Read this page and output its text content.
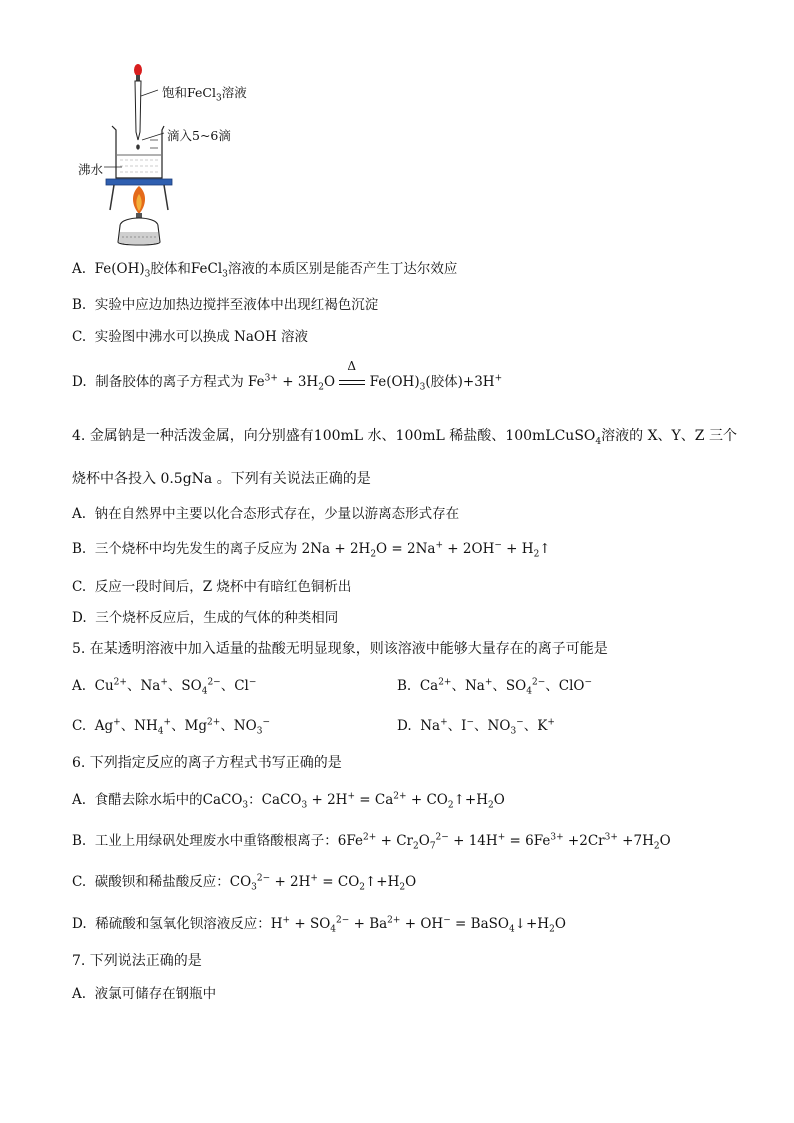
饱和FeCl$_3$溶液
滴入5~6滴
沸水
A. $Fe(OH)_3$胶体和FeCl$_3$溶液的本质区别是能否产生丁达尔效应
B. 实验中应边加热边搅拌至液体中出现红褐色沉淀
C. 实验图中沸水可以换成 NaOH 溶液
D. 制备胶体的离子方程式为 $Fe^{3+} + 3H_2O$
Δ
$Fe(OH)_3$(胶体)+3H+
4. 金属钠是一种活泼金属，向分别盛有100mL 水、100mL 稀盐酸、100mLCuSO$_4$溶液的 X、Y、Z 三个
烧杯中各投入 0.5gNa 。下列有关说法正确的是
A. 钠在自然界中主要以化合态形式存在，少量以游离态形式存在
B. 三个烧杯中均先发生的离子反应为 $2Na + 2H_2O = 2Na^+ + 2OH^-$ + $H_2↑$
C. 反应一段时间后，Z 烧杯中有暗红色铜析出
D. 三个烧杯反应后，生成的气体的种类相同
5. 在某透明溶液中加入适量的盐酸无明显现象，则该溶液中能够大量存在的离子可能是
A. $Cu^{2+}$、Na+、$SO_4^{2-}$、Cl−	B. $Ca^{2+}$、Na+、$SO_4^{2-}$、ClO−
C. Ag+、$NH_4^+$、$Mg^{2+}$、$NO_3^-$	D. Na+、I−、$NO_3^-$、K+
6. 下列指定反应的离子方程式书写正确的是
A. 食醋去除水垢中的CaCO$_3$：CaCO$_3$ + $2H^+ = Ca^{2+}$ + $CO_2↑+H_2O$
B. 工业上用绿矾处理废水中重铬酸根离子：$6Fe^{2+} + Cr_2O_7^{2-} + 14H^+ = 6Fe^{3+} +2Cr^{3+} +7H_2O$
C. 碳酸钡和稀盐酸反应：$CO_3^{2-} + 2H^+$ = $CO_2↑+H_2O$
D. 稀硫酸和氢氧化钡溶液反应：$H^+ + SO_4^{2-} + Ba^{2+} + OH^-$ = $BaSO_4↓+H_2O$
7. 下列说法正确的是
A. 液氯可储存在钢瓶中
